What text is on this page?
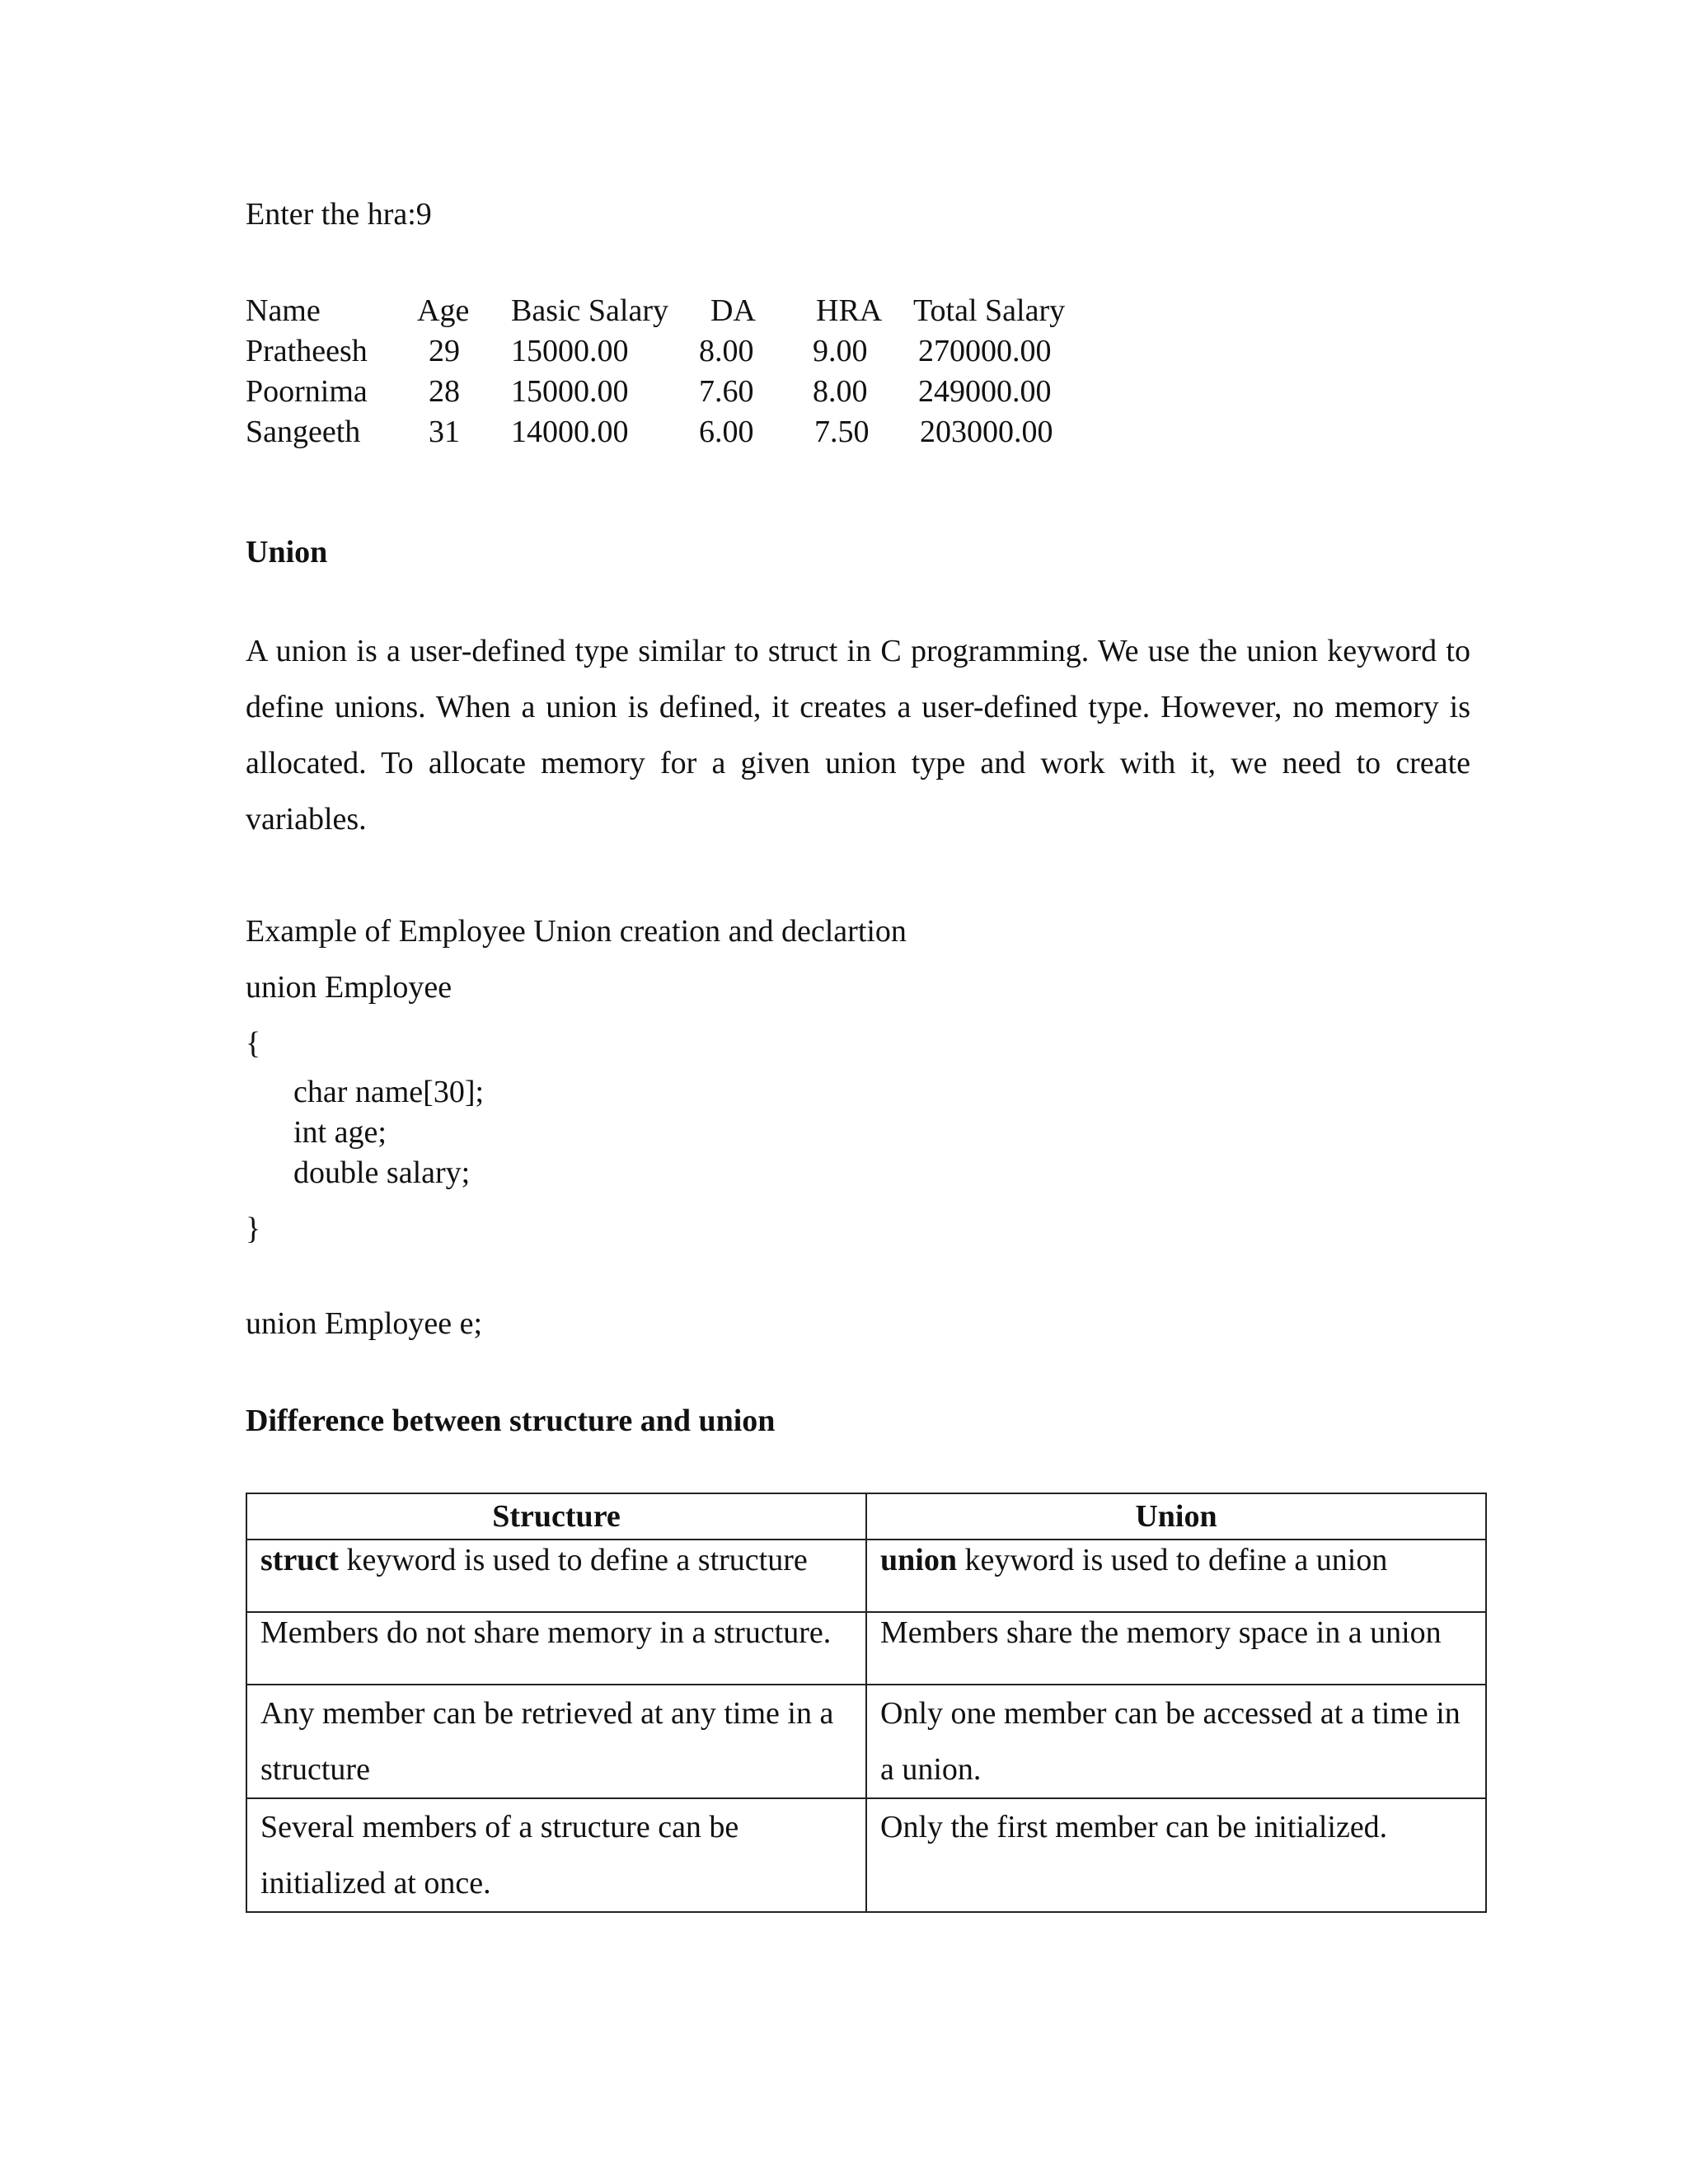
Enter the hra:9
Name	Age Basic Salary DA HRA Total Salary
Pratheesh 29 15000.00 8.00 9.00 270000.00
Poornima 28 15000.00 7.60 8.00 249000.00
Sangeeth 31 14000.00 6.00 7.50 203000.00
Union
A union is a user-defined type similar to struct in C programming. We use the union keyword to define unions. When a union is defined, it creates a user-defined type. However, no memory is allocated. To allocate memory for a given union type and work with it, we need to create variables.
Example of Employee Union creation and declartion
union Employee
{
char name[30];
int age;
double salary;
}
union Employee e;
Difference between structure and union
Structure	Union
struct keyword is used to define a structure	union keyword is used to define a union
Members do not share memory in a structure.	Members share the memory space in a union
Any member can be retrieved at any time in a structure	Only one member can be accessed at a time in a union.
Several members of a structure can be initialized at once.	Only the first member can be initialized.
